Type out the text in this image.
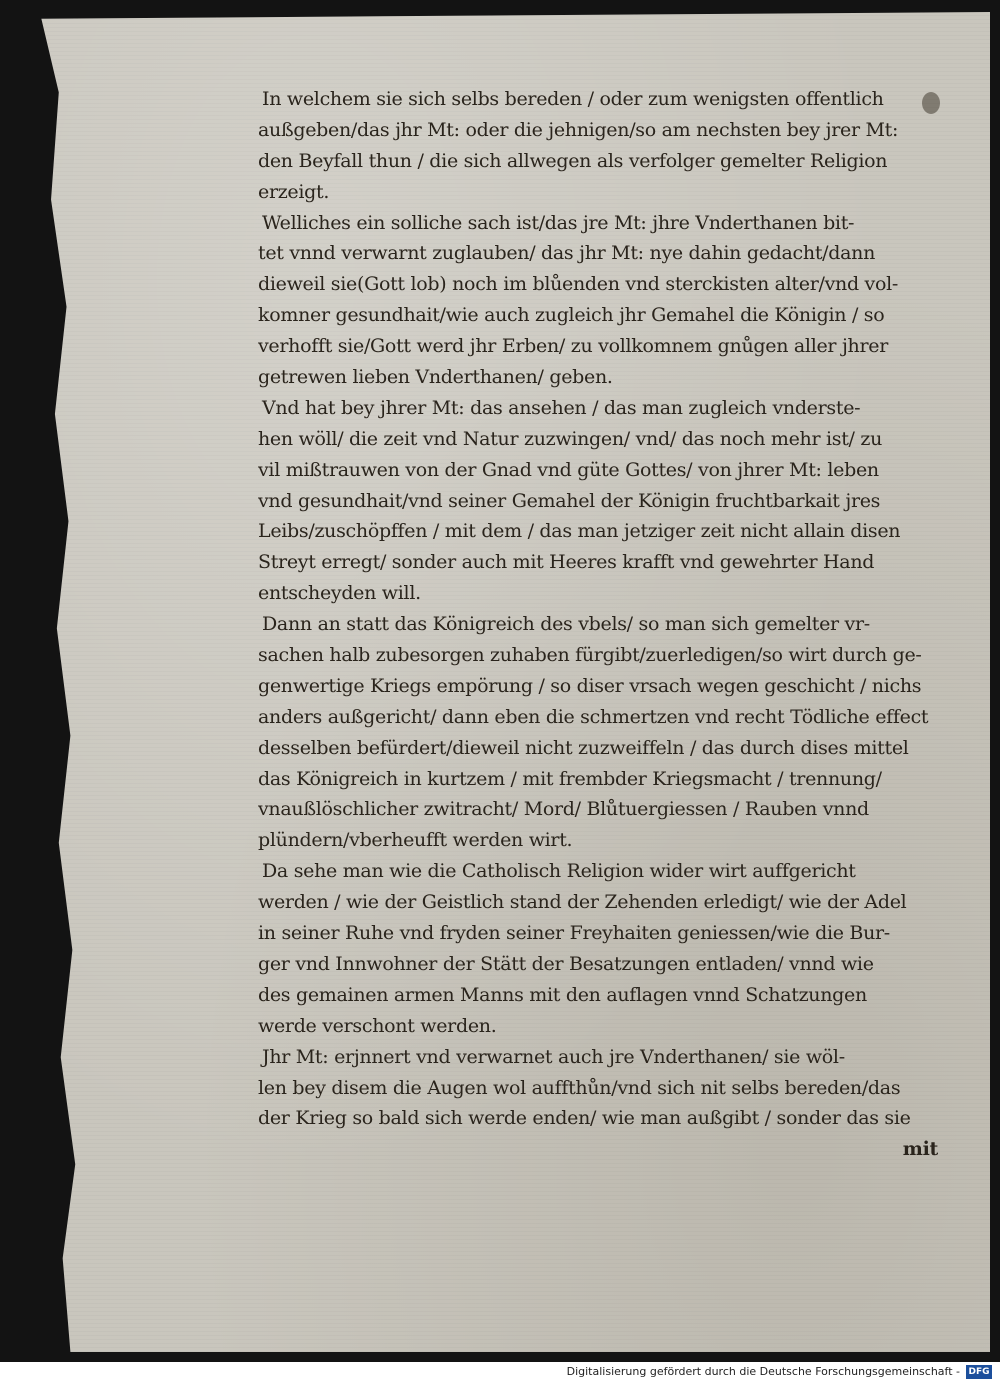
In welchem sie sich selbs bereden / oder zum wenigsten offentlich
außgeben/das jhr Mt: oder die jehnigen/so am nechsten bey jrer Mt:
den Beyfall thun / die sich allwegen als verfolger gemelter Religion
erzeigt.
Welliches ein solliche sach ist/das jre Mt: jhre Vnderthanen bit-
tet vnnd verwarnt zuglauben/ das jhr Mt: nye dahin gedacht/dann
dieweil sie(Gott lob) noch im blůenden vnd sterckisten alter/vnd vol-
komner gesundhait/wie auch zugleich jhr Gemahel die Königin / so
verhofft sie/Gott werd jhr Erben/ zu vollkomnem gnůgen aller jhrer
getrewen lieben Vnderthanen/ geben.
Vnd hat bey jhrer Mt: das ansehen / das man zugleich vnderste-
hen wöll/ die zeit vnd Natur zuzwingen/ vnd/ das noch mehr ist/ zu
vil mißtrauwen von der Gnad vnd güte Gottes/ von jhrer Mt: leben
vnd gesundhait/vnd seiner Gemahel der Königin fruchtbarkait jres
Leibs/zuschöpffen / mit dem / das man jetziger zeit nicht allain disen
Streyt erregt/ sonder auch mit Heeres krafft vnd gewehrter Hand
entscheyden will.
Dann an statt das Königreich des vbels/ so man sich gemelter vr-
sachen halb zubesorgen zuhaben fürgibt/zuerledigen/so wirt durch ge-
genwertige Kriegs empörung / so diser vrsach wegen geschicht / nichs
anders außgericht/ dann eben die schmertzen vnd recht Tödliche effect
desselben befürdert/dieweil nicht zuzweiffeln / das durch dises mittel
das Königreich in kurtzem / mit frembder Kriegsmacht / trennung/
vnaußlöschlicher zwitracht/ Mord/ Blůtuergiessen / Rauben vnnd
plündern/vberheufft werden wirt.
Da sehe man wie die Catholisch Religion wider wirt auffgericht
werden / wie der Geistlich stand der Zehenden erledigt/ wie der Adel
in seiner Ruhe vnd fryden seiner Freyhaiten geniessen/wie die Bur-
ger vnd Innwohner der Stätt der Besatzungen entladen/ vnnd wie
des gemainen armen Manns mit den auflagen vnnd Schatzungen
werde verschont werden.
Jhr Mt: erjnnert vnd verwarnet auch jre Vnderthanen/ sie wöl-
len bey disem die Augen wol auffthůn/vnd sich nit selbs bereden/das
der Krieg so bald sich werde enden/ wie man außgibt / sonder das sie
mit
Digitalisierung gefördert durch die Deutsche Forschungsgemeinschaft - DFG
